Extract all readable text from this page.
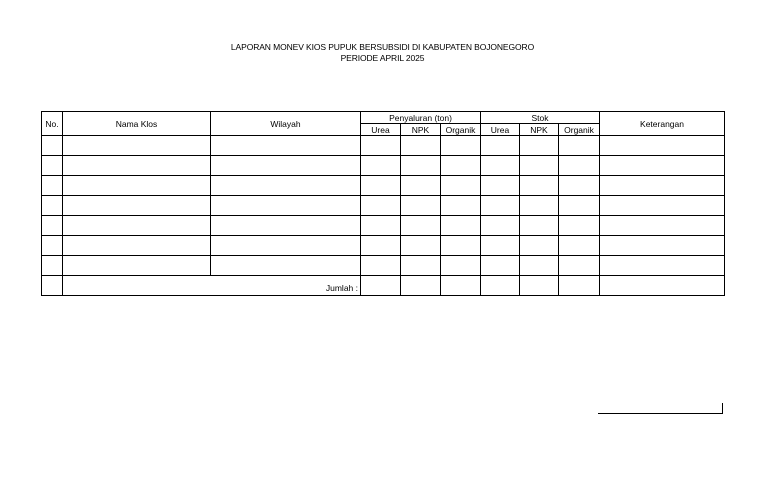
LAPORAN MONEV KIOS PUPUK BERSUBSIDI DI KABUPATEN BOJONEGORO
PERIODE APRIL 2025
No.	Nama Klos	Wilayah	Penyaluran (ton)			Stok			Keterangan
			Urea	NPK	Organik	Urea	NPK	Organik	

	Jumlah :								
